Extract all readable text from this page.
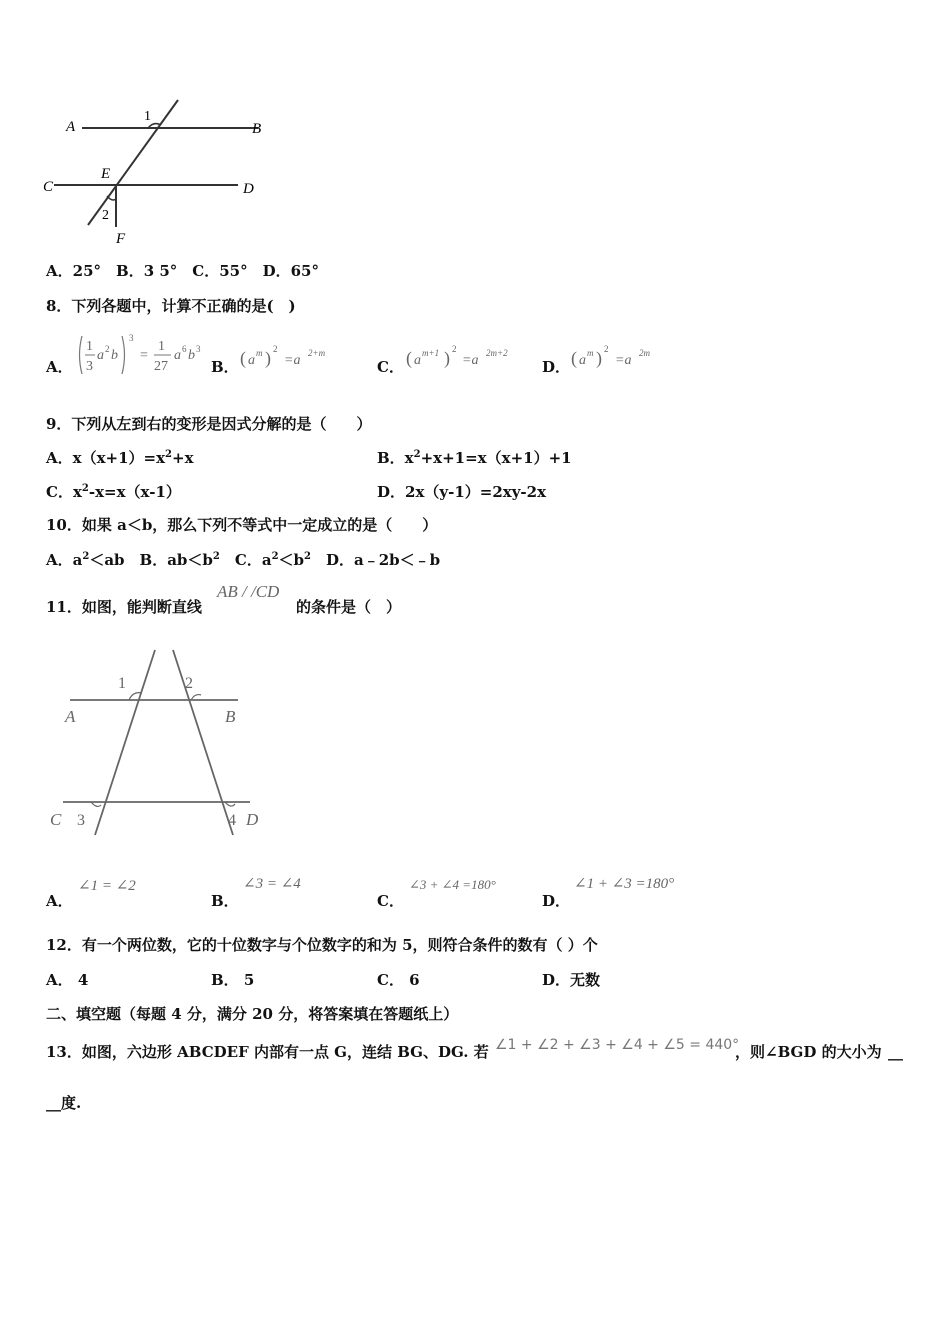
A	B
C	D
E
F
1
2
A．25°　B．3 5°　C．55°　D．65°
8．下列各题中，计算不正确的是(　)
A．
1
3
a 2 b
3
=
1
27
a 6 b 3
B． ( a m ) 2
=a 2+m
C． ( a m+1 ) 2
=a 2m+2
D． ( a m ) 2
=a 2m
9．下列从左到右的变形是因式分解的是（　　）
A．$x(x+1)=x^2+x$	B．$x^2+x+1=x(x+1)+1$
C．$x^2-x=x(x-1)$	D．2x（y-1）=2xy-2x
10．如果 a＜b，那么下列不等式中一定成立的是（　　）
A．$a^2<ab$　B．$ab<b^2$　C．$a^2<b^2$　D．a﹣2b＜﹣b
11．如图，能判断直线
AB / /CD
的条件是（　）
A	B
C	D
1	2
3	4
A．
∠1 = ∠2
B．
∠3 = ∠4
C．
∠3 + ∠4 =180°
D．
∠1 + ∠3 =180°
12．有一个两位数，它的十位数字与个位数字的和为 5，则符合条件的数有（ ）个
A． 4	B． 5	C． 6	D．无数
二、填空题（每题 4 分，满分 20 分，将答案填在答题纸上）
13．如图，六边形 ABCDEF 内部有一点 G，连结 BG、DG. 若 ∠1 + ∠2 + ∠3 + ∠4 + ∠5 = 440°
，则∠BGD 的大小为 __
__度.
